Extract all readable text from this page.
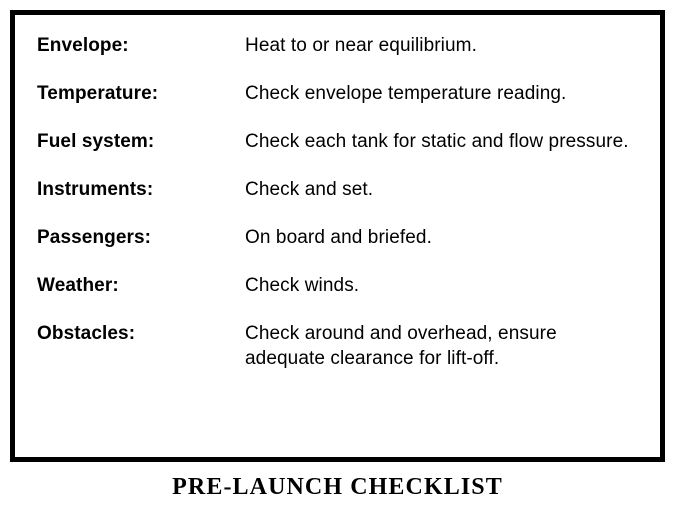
Envelope:	Heat to or near equilibrium.
Temperature:	Check envelope temperature reading.
Fuel system:	Check each tank for static and flow pressure.
Instruments:	Check and set.
Passengers:	On board and briefed.
Weather:	Check winds.
Obstacles:	Check around and overhead, ensure adequate clearance for lift-off.
PRE-LAUNCH CHECKLIST
